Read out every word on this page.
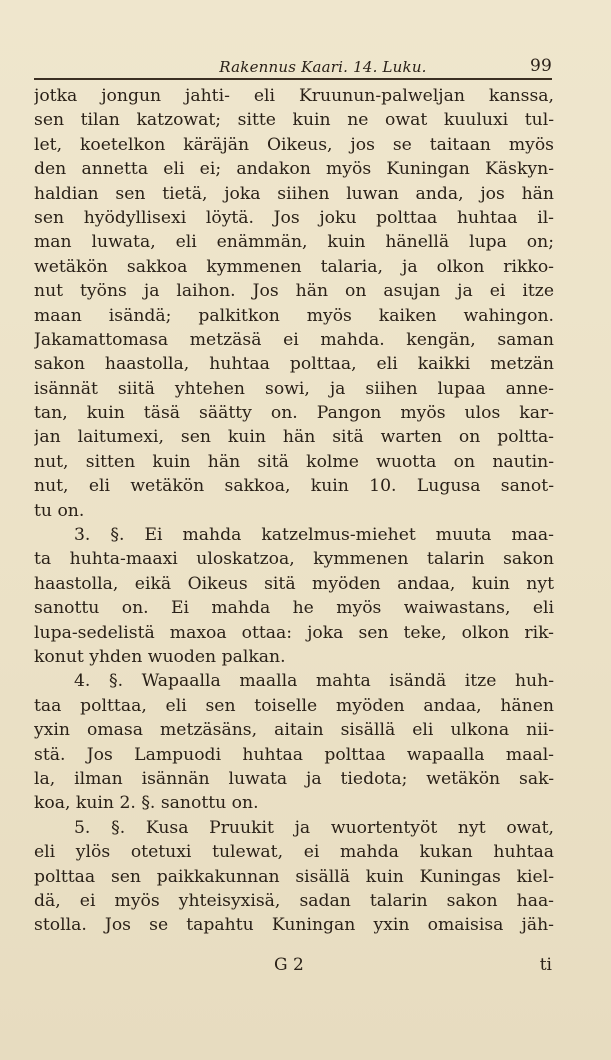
Rakennus Kaari. 14. Luku.	99
jotka jongun jahti- eli Kruunun-palweljan kanssa,
sen tilan katzowat; sitte kuin ne owat kuuluxi tul-
let, koetelkon käräjän Oikeus, jos se taitaan myös
den annetta eli ei; andakon myös Kuningan Käskyn-
haldian sen tietä, joka siihen luwan anda, jos hän
sen hyödyllisexi löytä. Jos joku polttaa huhtaa il-
man luwata, eli enämmän, kuin hänellä lupa on;
wetäkön sakkoa kymmenen talaria, ja olkon rikko-
nut työns ja laihon. Jos hän on asujan ja ei itze
maan isändä; palkitkon myös kaiken wahingon.
Jakamattomasa metzäsä ei mahda. kengän, saman
sakon haastolla, huhtaa polttaa, eli kaikki metzän
isännät siitä yhtehen sowi, ja siihen lupaa anne-
tan, kuin täsä säätty on. Pangon myös ulos kar-
jan laitumexi, sen kuin hän sitä warten on poltta-
nut, sitten kuin hän sitä kolme wuotta on nautin-
nut, eli wetäkön sakkoa, kuin 10. Lugusa sanot-
tu on.
3. §. Ei mahda katzelmus-miehet muuta maa-
ta huhta-maaxi uloskatzoa, kymmenen talarin sakon
haastolla, eikä Oikeus sitä myöden andaa, kuin nyt
sanottu on. Ei mahda he myös waiwastans, eli
lupa-sedelistä maxoa ottaa: joka sen teke, olkon rik-
konut yhden wuoden palkan.
4. §. Wapaalla maalla mahta isändä itze huh-
taa polttaa, eli sen toiselle myöden andaa, hänen
yxin omasa metzäsäns, aitain sisällä eli ulkona nii-
stä. Jos Lampuodi huhtaa polttaa wapaalla maal-
la, ilman isännän luwata ja tiedota; wetäkön sak-
koa, kuin 2. §. sanottu on.
5. §. Kusa Pruukit ja wuortentyöt nyt owat,
eli ylös otetuxi tulewat, ei mahda kukan huhtaa
polttaa sen paikkakunnan sisällä kuin Kuningas kiel-
dä, ei myös yhteisyxisä, sadan talarin sakon haa-
stolla. Jos se tapahtu Kuningan yxin omaisisa jäh-
G 2	ti
